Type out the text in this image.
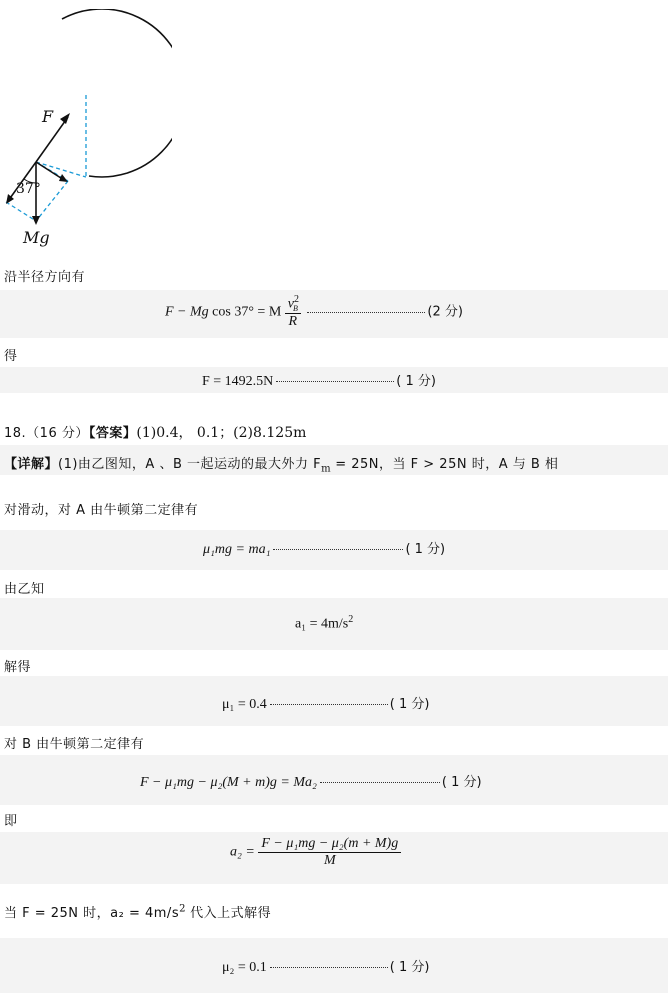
F
37°
Mg
沿半径方向有
F − Mg cos 37° = M $\frac{v^2_B}{R}$	(2 分)
得
F = 1492.5N	( 1 分)
18.（16 分）【答案】(1)0.4， 0.1；(2)8.125m
【详解】(1)由乙图知，A 、B 一起运动的最大外力 $F_m = 25N$，当 F > 25N 时，A 与 B 相
对滑动，对 A 由牛顿第二定律有
μ₁mg = ma₁	( 1 分)
由乙知
$a_1 = 4m/s^2$
解得
μ₁ = 0.4	( 1 分)
对 B 由牛顿第二定律有
F − μ₁mg − μ₂(M + m)g = Ma₂	( 1 分)
即
$a_2 = \frac{\text{F − μ₁mg − μ₂(m + M)g}}{M}$
当 F = 25N 时，$a_2 = 4m/s^2$ 代入上式解得
μ₂ = 0.1	( 1 分)
